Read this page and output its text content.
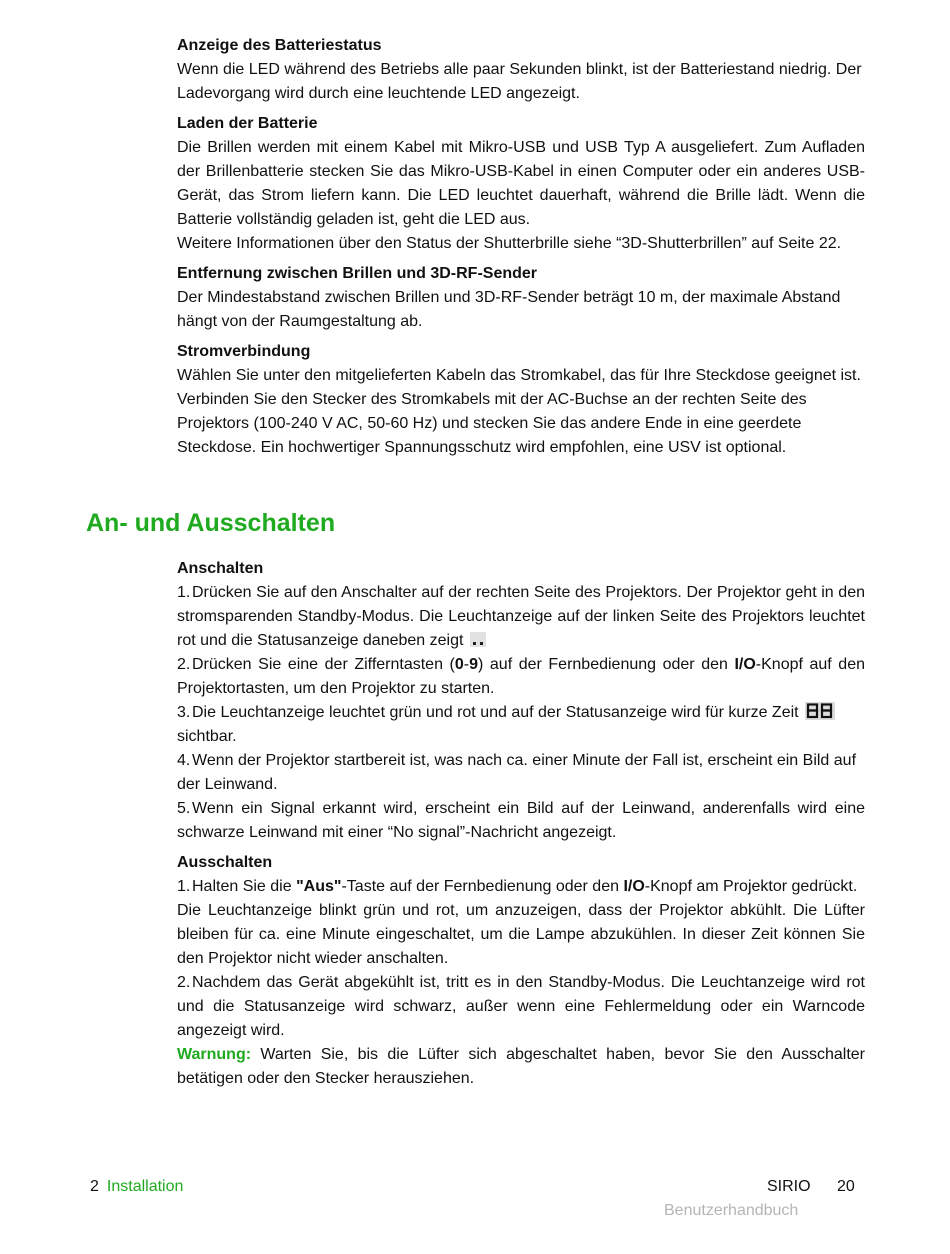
Anzeige des Batteriestatus
Wenn die LED während des Betriebs alle paar Sekunden blinkt, ist der Batteriestand niedrig. Der Ladevorgang wird durch eine leuchtende LED angezeigt.
Laden der Batterie
Die Brillen werden mit einem Kabel mit Mikro-USB und USB Typ A ausgeliefert. Zum Aufladen der Brillenbatterie stecken Sie das Mikro-USB-Kabel in einen Computer oder ein anderes USB-Gerät, das Strom liefern kann. Die LED leuchtet dauerhaft, während die Brille lädt. Wenn die Batterie vollständig geladen ist, geht die LED aus.
Weitere Informationen über den Status der Shutterbrille siehe “3D-Shutterbrillen” auf Seite 22.
Entfernung zwischen Brillen und 3D-RF-Sender
Der Mindestabstand zwischen Brillen und 3D-RF-Sender beträgt 10 m, der maximale Abstand hängt von der Raumgestaltung ab.
Stromverbindung
Wählen Sie unter den mitgelieferten Kabeln das Stromkabel, das für Ihre Steckdose geeignet ist. Verbinden Sie den Stecker des Stromkabels mit der AC-Buchse an der rechten Seite des Projektors (100-240 V AC, 50-60 Hz) und stecken Sie das andere Ende in eine geerdete Steckdose. Ein hochwertiger Spannungsschutz wird empfohlen, eine USV ist optional.
An- und Ausschalten
Anschalten
1. Drücken Sie auf den Anschalter auf der rechten Seite des Projektors. Der Projektor geht in den stromsparenden Standby-Modus. Die Leuchtanzeige auf der linken Seite des Projektors leuchtet rot und die Statusanzeige daneben zeigt
2. Drücken Sie eine der Zifferntasten (0-9) auf der Fernbedienung oder den I/O-Knopf auf den Projektortasten, um den Projektor zu starten.
3. Die Leuchtanzeige leuchtet grün und rot und auf der Statusanzeige wird für kurze Zeit

sichtbar.
4. Wenn der Projektor startbereit ist, was nach ca. einer Minute der Fall ist, erscheint ein Bild auf der Leinwand.
5. Wenn ein Signal erkannt wird, erscheint ein Bild auf der Leinwand, anderenfalls wird eine schwarze Leinwand mit einer “No signal”-Nachricht angezeigt.
Ausschalten
1. Halten Sie die "Aus"-Taste auf der Fernbedienung oder den I/O-Knopf am Projektor gedrückt.
Die Leuchtanzeige blinkt grün und rot, um anzuzeigen, dass der Projektor abkühlt. Die Lüfter bleiben für ca. eine Minute eingeschaltet, um die Lampe abzukühlen. In dieser Zeit können Sie den Projektor nicht wieder anschalten.
2. Nachdem das Gerät abgekühlt ist, tritt es in den Standby-Modus. Die Leuchtanzeige wird rot und die Statusanzeige wird schwarz, außer wenn eine Fehlermeldung oder ein Warncode angezeigt wird.
Warnung: Warten Sie, bis die Lüfter sich abgeschaltet haben, bevor Sie den Ausschalter betätigen oder den Stecker herausziehen.
2 Installation	SIRIO 20
Benutzerhandbuch
